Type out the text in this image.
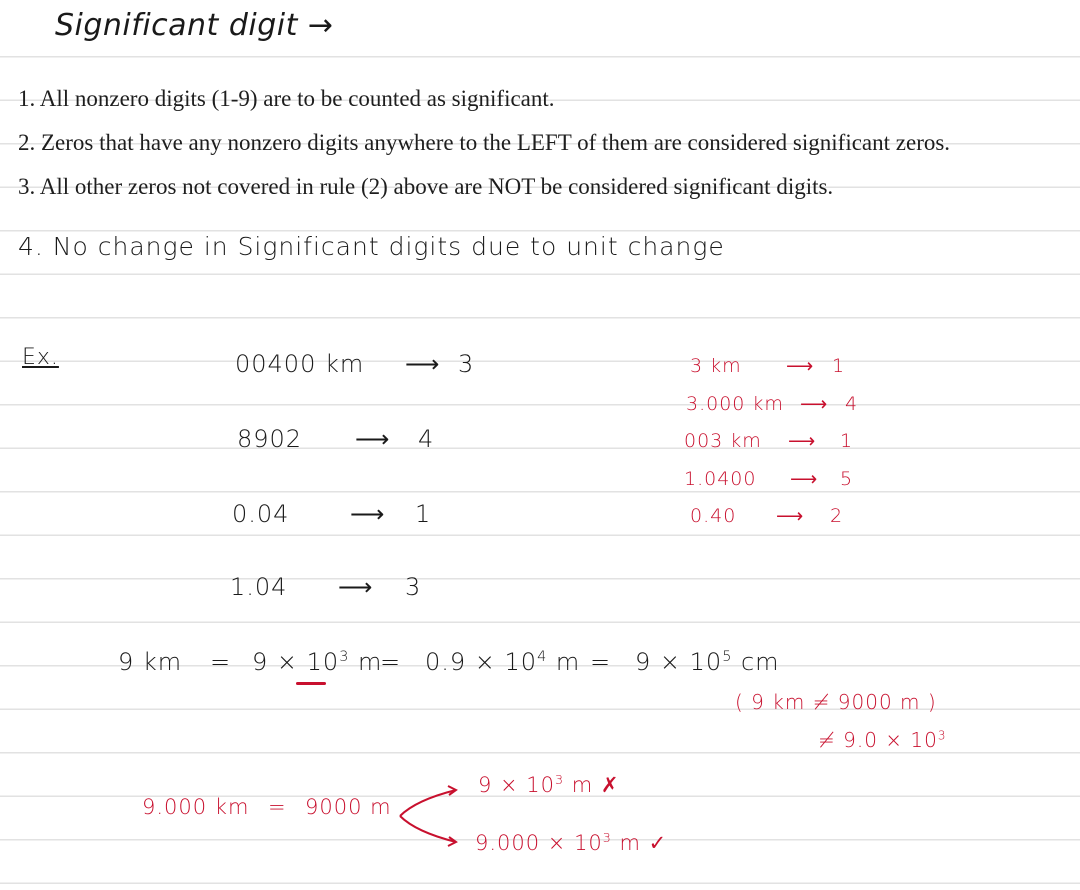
Significant digit →
1. All nonzero digits (1-9) are to be counted as significant.
2. Zeros that have any nonzero digits anywhere to the LEFT of them are considered significant zeros.
3. All other zeros not covered in rule (2) above are NOT be considered significant digits.
4. No change in Significant digits due to unit change
Ex.	00400 km ⟶ 3
8902 ⟶ 4
0.04	⟶ 1
1.04 ⟶ 3
3 km ⟶ 1
3.000 km ⟶ 4
003 km ⟶ 1
1.0400 ⟶ 5
0.40 ⟶ 2
9 km = $9 \times 10^3$ m
= $0.9 \times 10^4$ $m = 9 \times 10^5$ cm
( 9 km ≠ 9000 m )
≠ $9.0 \times 10^3$
9.000 km = 9000 m
$9 \times 10^3$ m ✗
$9.000 \times 10^3$ m ✓
